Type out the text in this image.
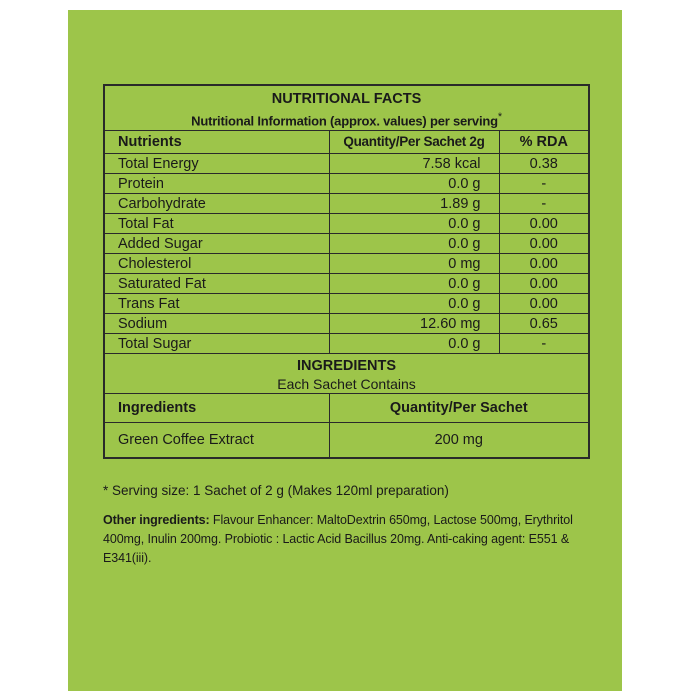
NUTRITIONAL FACTS
Nutritional Information (approx. values) per serving*

Nutrients	Quantity/Per Sachet 2g	% RDA
Total Energy	7.58 kcal	0.38
Protein	0.0 g	-
Carbohydrate	1.89 g	-
Total Fat	0.0 g	0.00
Added Sugar	0.0 g	0.00
Cholesterol	0 mg	0.00
Saturated Fat	0.0 g	0.00
Trans Fat	0.0 g	0.00
Sodium	12.60 mg	0.65
Total Sugar	0.0 g	-
INGREDIENTS
Each Sachet Contains		

Ingredients	Quantity/Per Sachet	
Green Coffee Extract	200 mg	
* Serving size: 1 Sachet of 2 g (Makes 120ml preparation)
Other ingredients: Flavour Enhancer: MaltoDextrin 650mg, Lactose 500mg, Erythritol 400mg, Inulin 200mg. Probiotic : Lactic Acid Bacillus 20mg. Anti-caking agent: E551 & E341(iii).
